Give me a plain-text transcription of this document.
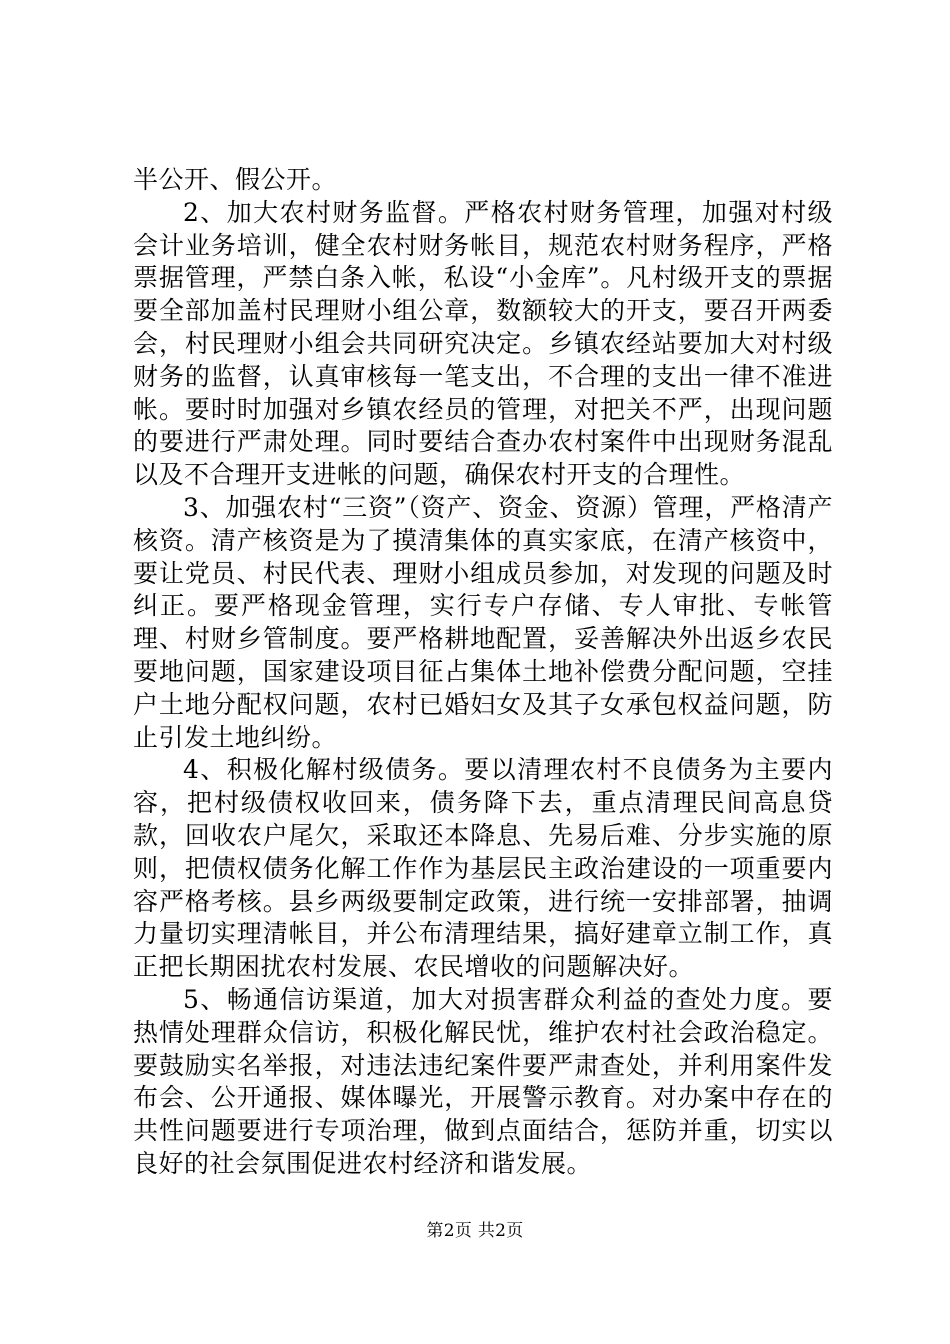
半公开、假公开。

2、加大农村财务监督。严格农村财务管理，加强对村级会计业务培训，健全农村财务帐目，规范农村财务程序，严格票据管理，严禁白条入帐，私设“小金库”。凡村级开支的票据要全部加盖村民理财小组公章，数额较大的开支，要召开两委会，村民理财小组会共同研究决定。乡镇农经站要加大对村级财务的监督，认真审核每一笔支出，不合理的支出一律不准进帐。要时时加强对乡镇农经员的管理，对把关不严，出现问题的要进行严肃处理。同时要结合查办农村案件中出现财务混乱以及不合理开支进帐的问题，确保农村开支的合理性。

3、加强农村“三资”（资产、资金、资源）管理，严格清产核资。清产核资是为了摸清集体的真实家底，在清产核资中，要让党员、村民代表、理财小组成员参加，对发现的问题及时纠正。要严格现金管理，实行专户存储、专人审批、专帐管理、村财乡管制度。要严格耕地配置，妥善解决外出返乡农民要地问题，国家建设项目征占集体土地补偿费分配问题，空挂户土地分配权问题，农村已婚妇女及其子女承包权益问题，防止引发土地纠纷。

4、积极化解村级债务。要以清理农村不良债务为主要内容，把村级债权收回来，债务降下去，重点清理民间高息贷款，回收农户尾欠，采取还本降息、先易后难、分步实施的原则，把债权债务化解工作作为基层民主政治建设的一项重要内容严格考核。县乡两级要制定政策，进行统一安排部署，抽调力量切实理清帐目，并公布清理结果，搞好建章立制工作，真正把长期困扰农村发展、农民增收的问题解决好。

5、畅通信访渠道，加大对损害群众利益的查处力度。要热情处理群众信访，积极化解民忧，维护农村社会政治稳定。要鼓励实名举报，对违法违纪案件要严肃查处，并利用案件发布会、公开通报、媒体曝光，开展警示教育。对办案中存在的共性问题要进行专项治理，做到点面结合，惩防并重，切实以良好的社会氛围促进农村经济和谐发展。

第2页 共2页
